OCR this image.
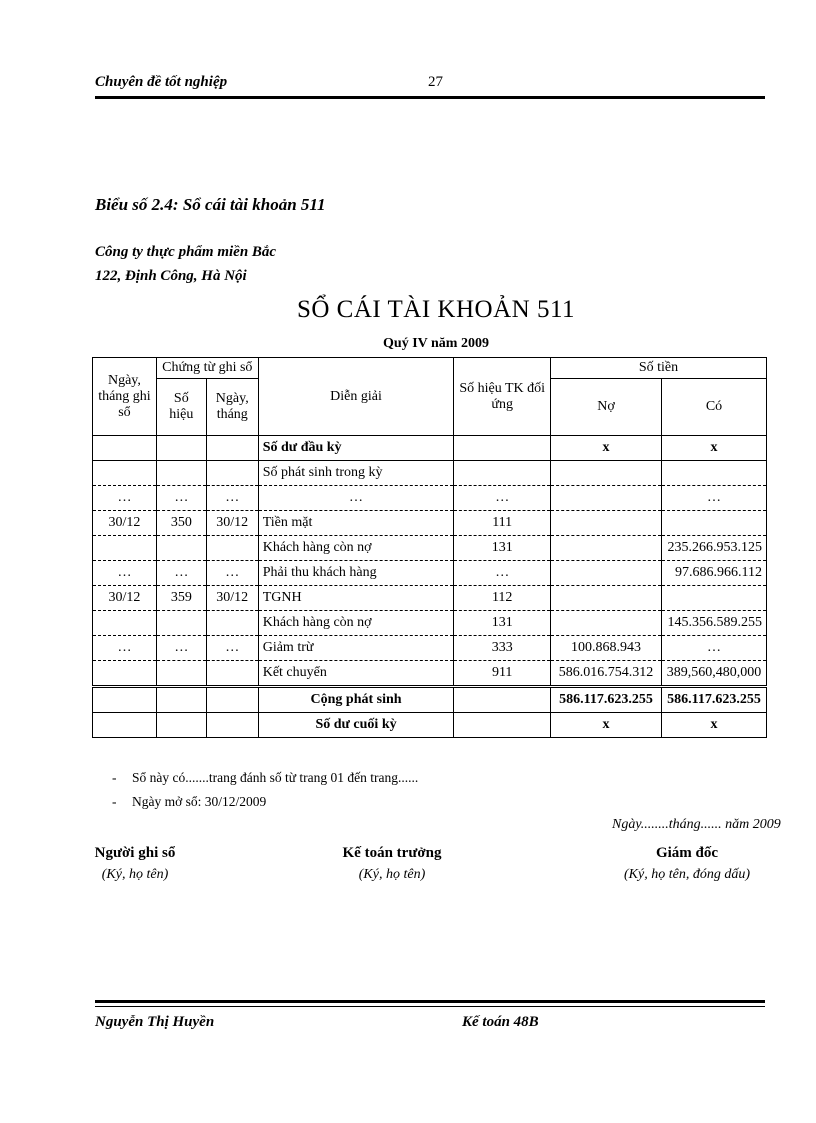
Chuyên đề tốt nghiệp	27
Biểu số 2.4: Sổ cái tài khoản 511
Công ty thực phẩm miền Bắc
122, Định Công, Hà Nội
SỔ CÁI TÀI KHOẢN 511
Quý IV năm 2009
Ngày, tháng ghi sổ	Chứng từ ghi sổ		Diễn giải	Số hiệu TK đối ứng	Số tiền	
	Số hiệu	Ngày, tháng			Nợ	Có
			Số dư đầu kỳ		x	x
			Số phát sinh trong kỳ			
…	…	…	…	…		…
30/12	350	30/12	Tiền mặt	111		
			Khách hàng còn nợ	131		235.266.953.125
…	…	…	Phải thu khách hàng	…		97.686.966.112
30/12	359	30/12	TGNH	112		
			Khách hàng còn nợ	131		145.356.589.255
…	…	…	Giảm trừ	333	100.868.943	…
			Kết chuyển	911	586.016.754.312	389,560,480,000
			Cộng phát sinh		586.117.623.255	586.117.623.255
			Số dư cuối kỳ		x	x
- Sổ này có.......trang đánh số từ trang 01 đến trang......
- Ngày mở sổ: 30/12/2009
Ngày........tháng...... năm 2009
Người ghi sổ
(Ký, họ tên)
Kế toán trưởng
(Ký, họ tên)
Giám đốc
(Ký, họ tên, đóng dấu)
Nguyễn Thị Huyền	Kế toán 48B
